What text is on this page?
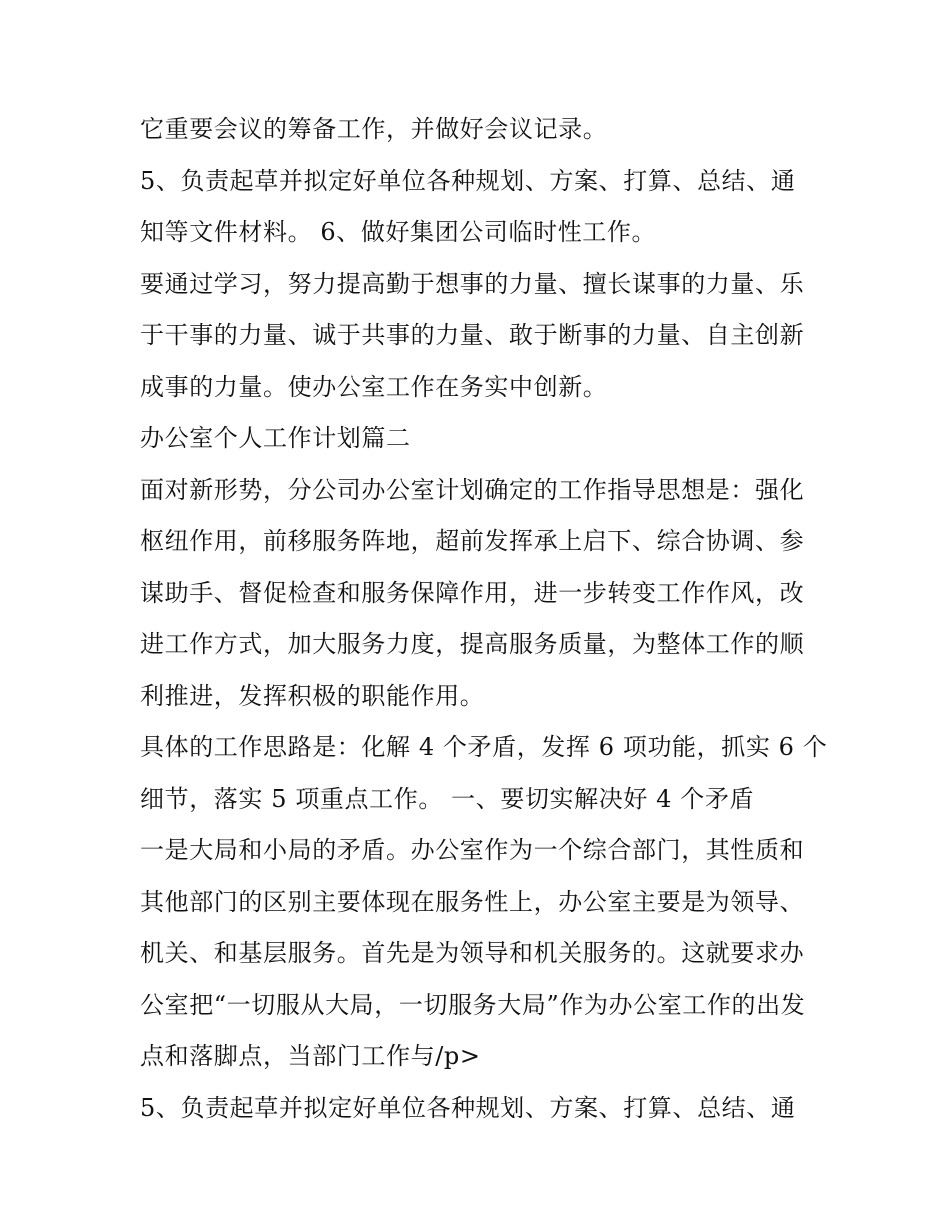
它重要会议的筹备工作，并做好会议记录。
5、负责起草并拟定好单位各种规划、方案、打算、总结、通
知等文件材料。 6、做好集团公司临时性工作。
要通过学习，努力提高勤于想事的力量、擅长谋事的力量、乐
于干事的力量、诚于共事的力量、敢于断事的力量、自主创新
成事的力量。使办公室工作在务实中创新。
办公室个人工作计划篇二
面对新形势，分公司办公室计划确定的工作指导思想是：强化
枢纽作用，前移服务阵地，超前发挥承上启下、综合协调、参
谋助手、督促检查和服务保障作用，进一步转变工作作风，改
进工作方式，加大服务力度，提高服务质量，为整体工作的顺
利推进，发挥积极的职能作用。
具体的工作思路是：化解 4 个矛盾，发挥 6 项功能，抓实 6 个
细节，落实 5 项重点工作。 一、要切实解决好 4 个矛盾
一是大局和小局的矛盾。办公室作为一个综合部门，其性质和
其他部门的区别主要体现在服务性上，办公室主要是为领导、
机关、和基层服务。首先是为领导和机关服务的。这就要求办
公室把“一切服从大局，一切服务大局”作为办公室工作的出发
点和落脚点，当部门工作与/p>
5、负责起草并拟定好单位各种规划、方案、打算、总结、通
